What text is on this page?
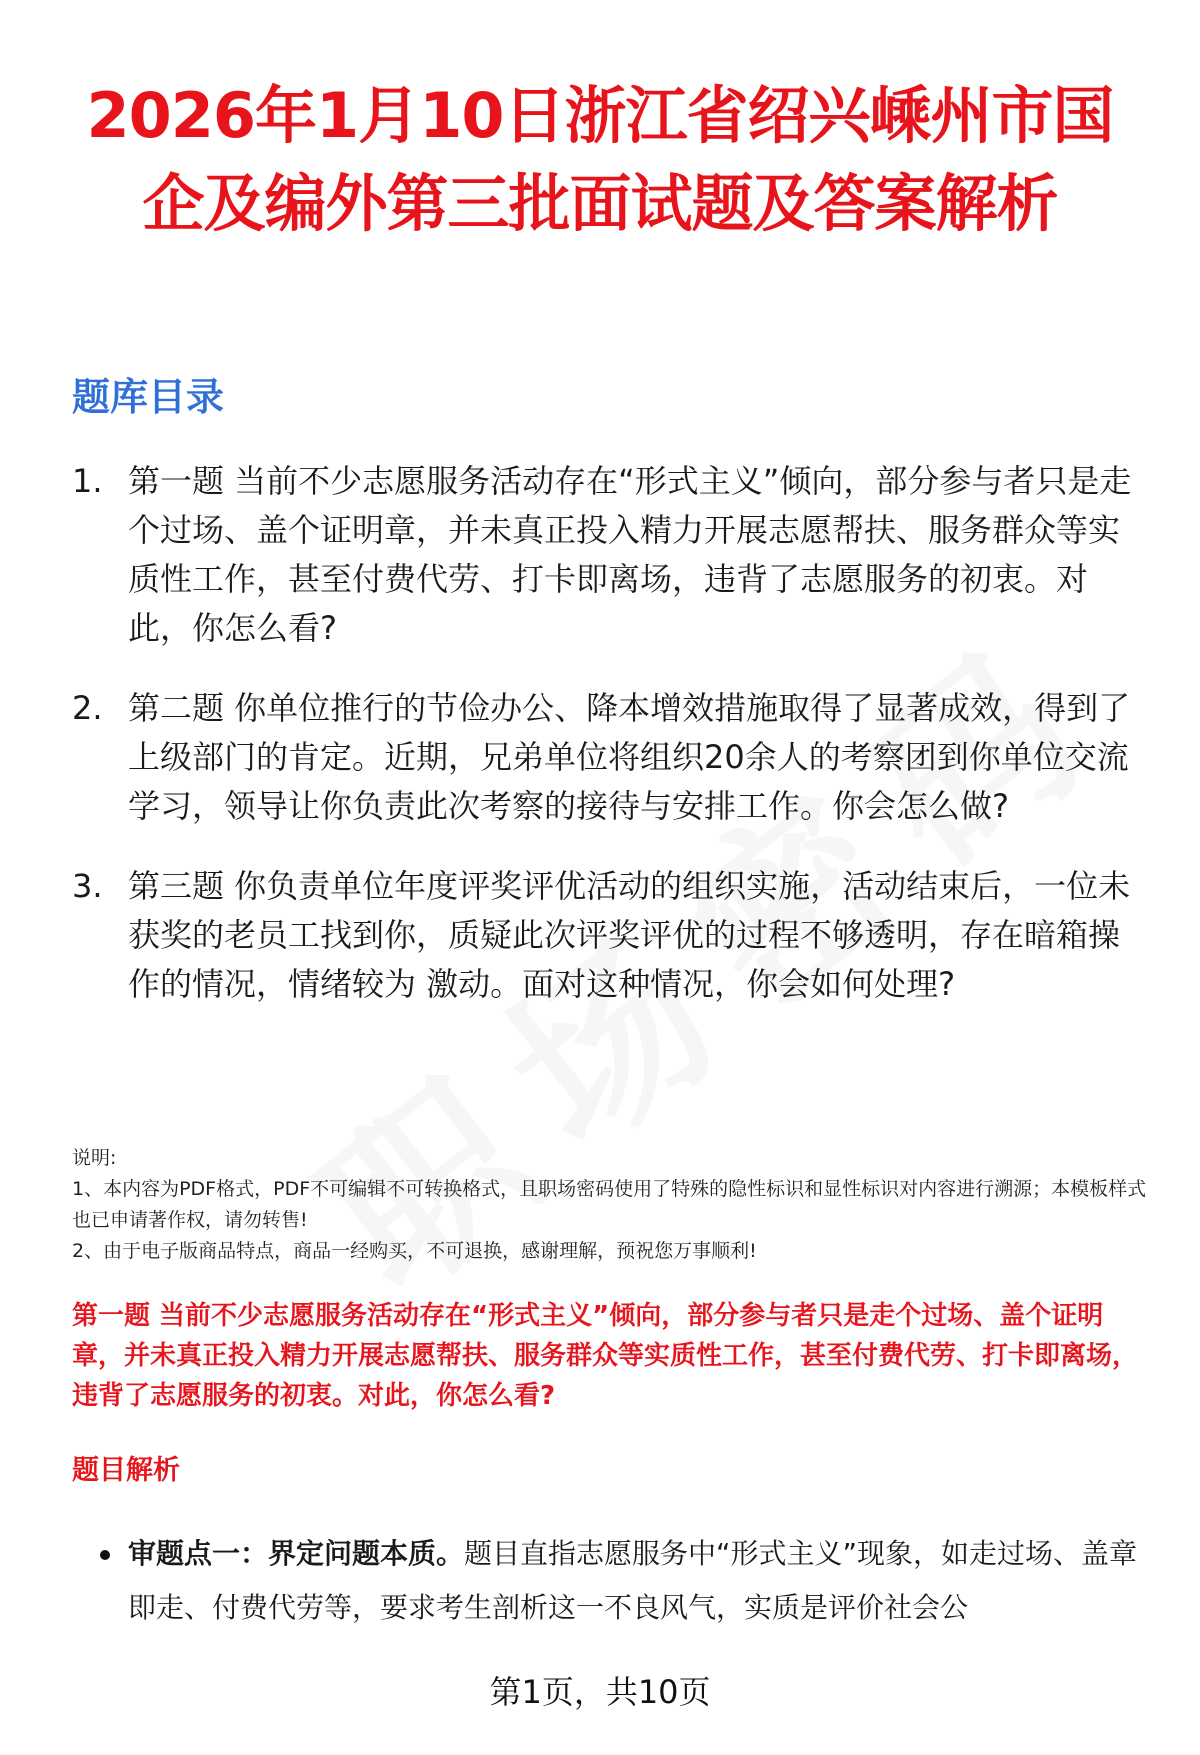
2026年1月10日浙江省绍兴嵊州市国企及编外第三批面试题及答案解析
题库目录
1. 第一题 当前不少志愿服务活动存在“形式主义”倾向，部分参与者只是走个过场、盖个证明章，并未真正投入精力开展志愿帮扶、服务群众等实质性工作，甚至付费代劳、打卡即离场，违背了志愿服务的初衷。对此，你怎么看?
2. 第二题 你单位推行的节俭办公、降本增效措施取得了显著成效，得到了上级部门的肯定。近期，兄弟单位将组织20余人的考察团到你单位交流学习，领导让你负责此次考察的接待与安排工作。你会怎么做?
3. 第三题 你负责单位年度评奖评优活动的组织实施，活动结束后，一位未获奖的老员工找到你，质疑此次评奖评优的过程不够透明，存在暗箱操作的情况，情绪较为 激动。面对这种情况，你会如何处理?
说明:
1、本内容为PDF格式，PDF不可编辑不可转换格式，且职场密码使用了特殊的隐性标识和显性标识对内容进行溯源；本模板样式也已申请著作权，请勿转售!
2、由于电子版商品特点，商品一经购买，不可退换，感谢理解，预祝您万事顺利!
第一题 当前不少志愿服务活动存在“形式主义”倾向，部分参与者只是走个过场、盖个证明章，并未真正投入精力开展志愿帮扶、服务群众等实质性工作，甚至付费代劳、打卡即离场，违背了志愿服务的初衷。对此，你怎么看?
题目解析
审题点一：界定问题本质。题目直指志愿服务中“形式主义”现象，如走过场、盖章即走、付费代劳等，要求考生剖析这一不良风气，实质是评价社会公
第1页，共10页
